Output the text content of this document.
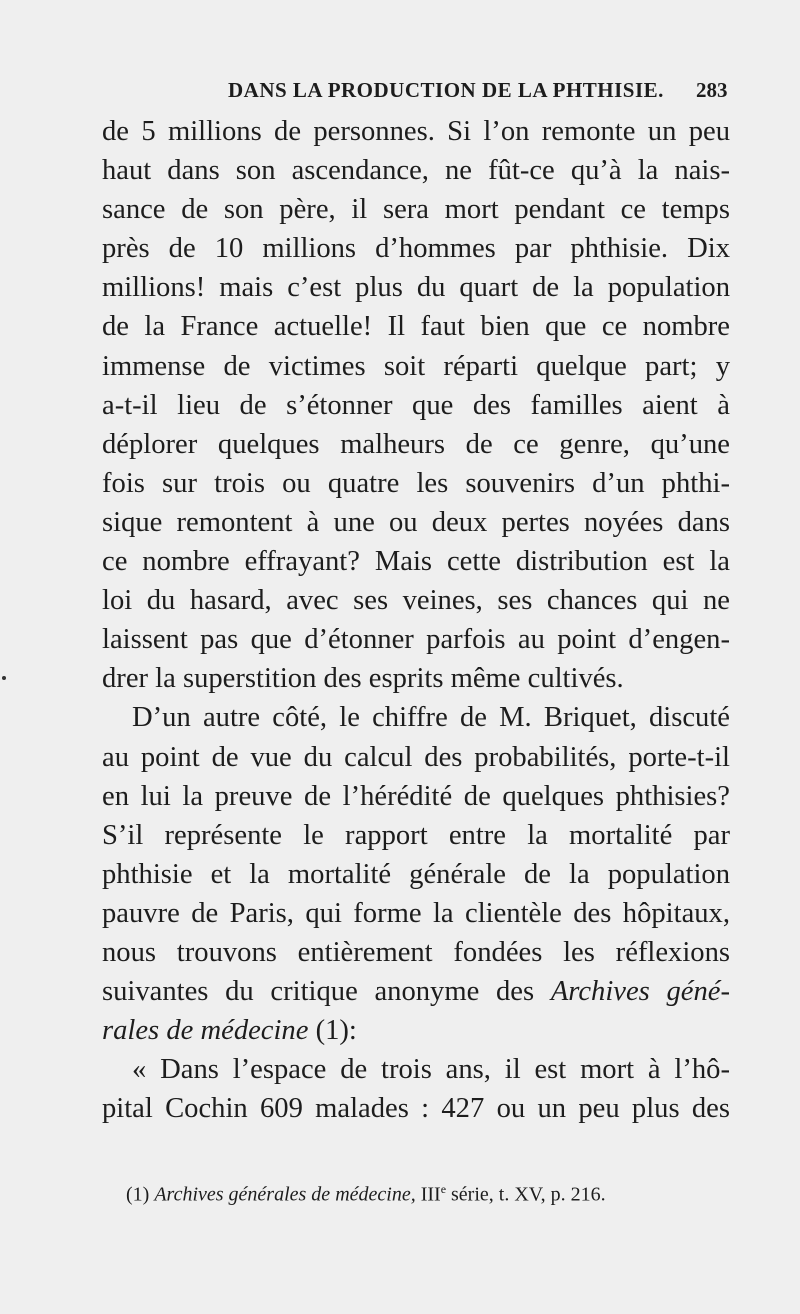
DANS LA PRODUCTION DE LA PHTHISIE. 283
de 5 millions de personnes. Si l’on remonte un peu
haut dans son ascendance, ne fût-ce qu’à la nais-
sance de son père, il sera mort pendant ce temps
près de 10 millions d’hommes par phthisie. Dix
millions! mais c’est plus du quart de la population
de la France actuelle! Il faut bien que ce nombre
immense de victimes soit réparti quelque part; y
a-t-il lieu de s’étonner que des familles aient à
déplorer quelques malheurs de ce genre, qu’une
fois sur trois ou quatre les souvenirs d’un phthi-
sique remontent à une ou deux pertes noyées dans
ce nombre effrayant? Mais cette distribution est la
loi du hasard, avec ses veines, ses chances qui ne
laissent pas que d’étonner parfois au point d’engen-
drer la superstition des esprits même cultivés.
D’un autre côté, le chiffre de M. Briquet, discuté
au point de vue du calcul des probabilités, porte-t-il
en lui la preuve de l’hérédité de quelques phthisies?
S’il représente le rapport entre la mortalité par
phthisie et la mortalité générale de la population
pauvre de Paris, qui forme la clientèle des hôpitaux,
nous trouvons entièrement fondées les réflexions
suivantes du critique anonyme des Archives géné-
rales de médecine (1):
« Dans l’espace de trois ans, il est mort à l’hô-
pital Cochin 609 malades : 427 ou un peu plus des
(1) Archives générales de médecine, IIIe série, t. XV, p. 216.
